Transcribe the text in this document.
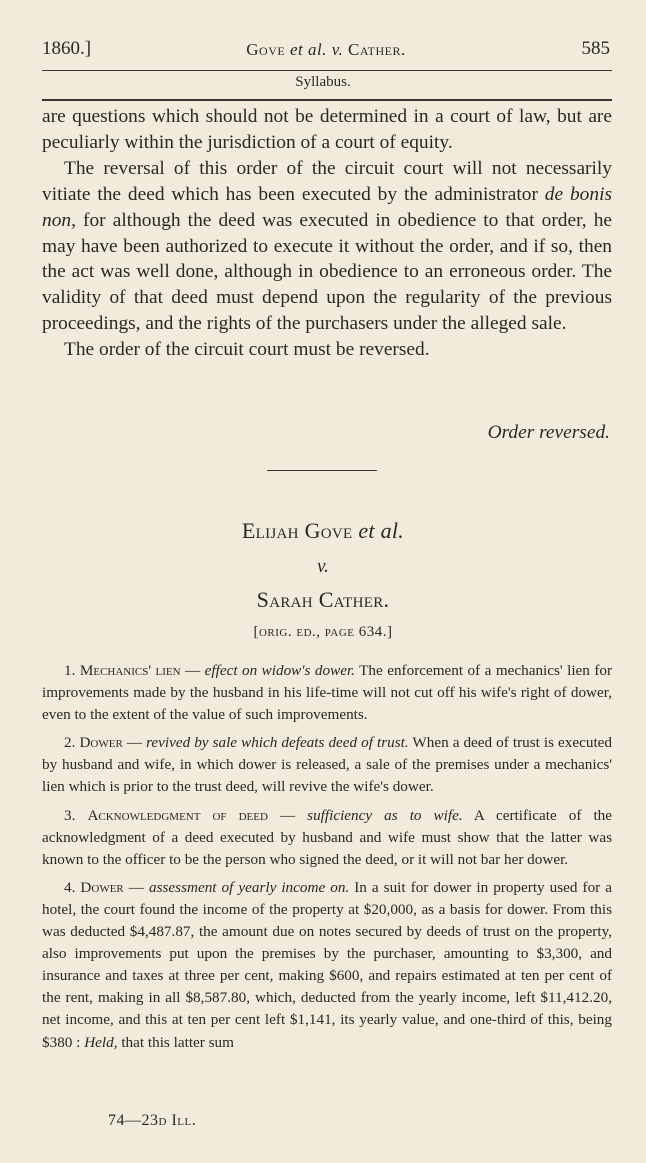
1860.]	Gove et al. v. Cather.	585
Syllabus.

are questions which should not be determined in a court of law, but are peculiarly within the jurisdiction of a court of equity.

The reversal of this order of the circuit court will not necessarily vitiate the deed which has been executed by the administrator de bonis non, for although the deed was executed in obedience to that order, he may have been authorized to execute it without the order, and if so, then the act was well done, although in obedience to an erroneous order. The validity of that deed must depend upon the regularity of the previous proceedings, and the rights of the purchasers under the alleged sale.

The order of the circuit court must be reversed.

Order reversed.
Elijah Gove et al.
v.
Sarah Cather.
[orig. ed., page 634.]

1. Mechanics' lien — effect on widow's dower. The enforcement of a mechanics' lien for improvements made by the husband in his life-time will not cut off his wife's right of dower, even to the extent of the value of such improvements.

2. Dower — revived by sale which defeats deed of trust. When a deed of trust is executed by husband and wife, in which dower is released, a sale of the premises under a mechanics' lien which is prior to the trust deed, will revive the wife's dower.

3. Acknowledgment of deed — sufficiency as to wife. A certificate of the acknowledgment of a deed executed by husband and wife must show that the latter was known to the officer to be the person who signed the deed, or it will not bar her dower.

4. Dower — assessment of yearly income on. In a suit for dower in property used for a hotel, the court found the income of the property at $20,000, as a basis for dower. From this was deducted $4,487.87, the amount due on notes secured by deeds of trust on the property, also improvements put upon the premises by the purchaser, amounting to $3,300, and insurance and taxes at three per cent, making $600, and repairs estimated at ten per cent of the rent, making in all $8,587.80, which, deducted from the yearly income, left $11,412.20, net income, and this at ten per cent left $1,141, its yearly value, and one-third of this, being $380 : Held, that this latter sum

74—23d Ill.
